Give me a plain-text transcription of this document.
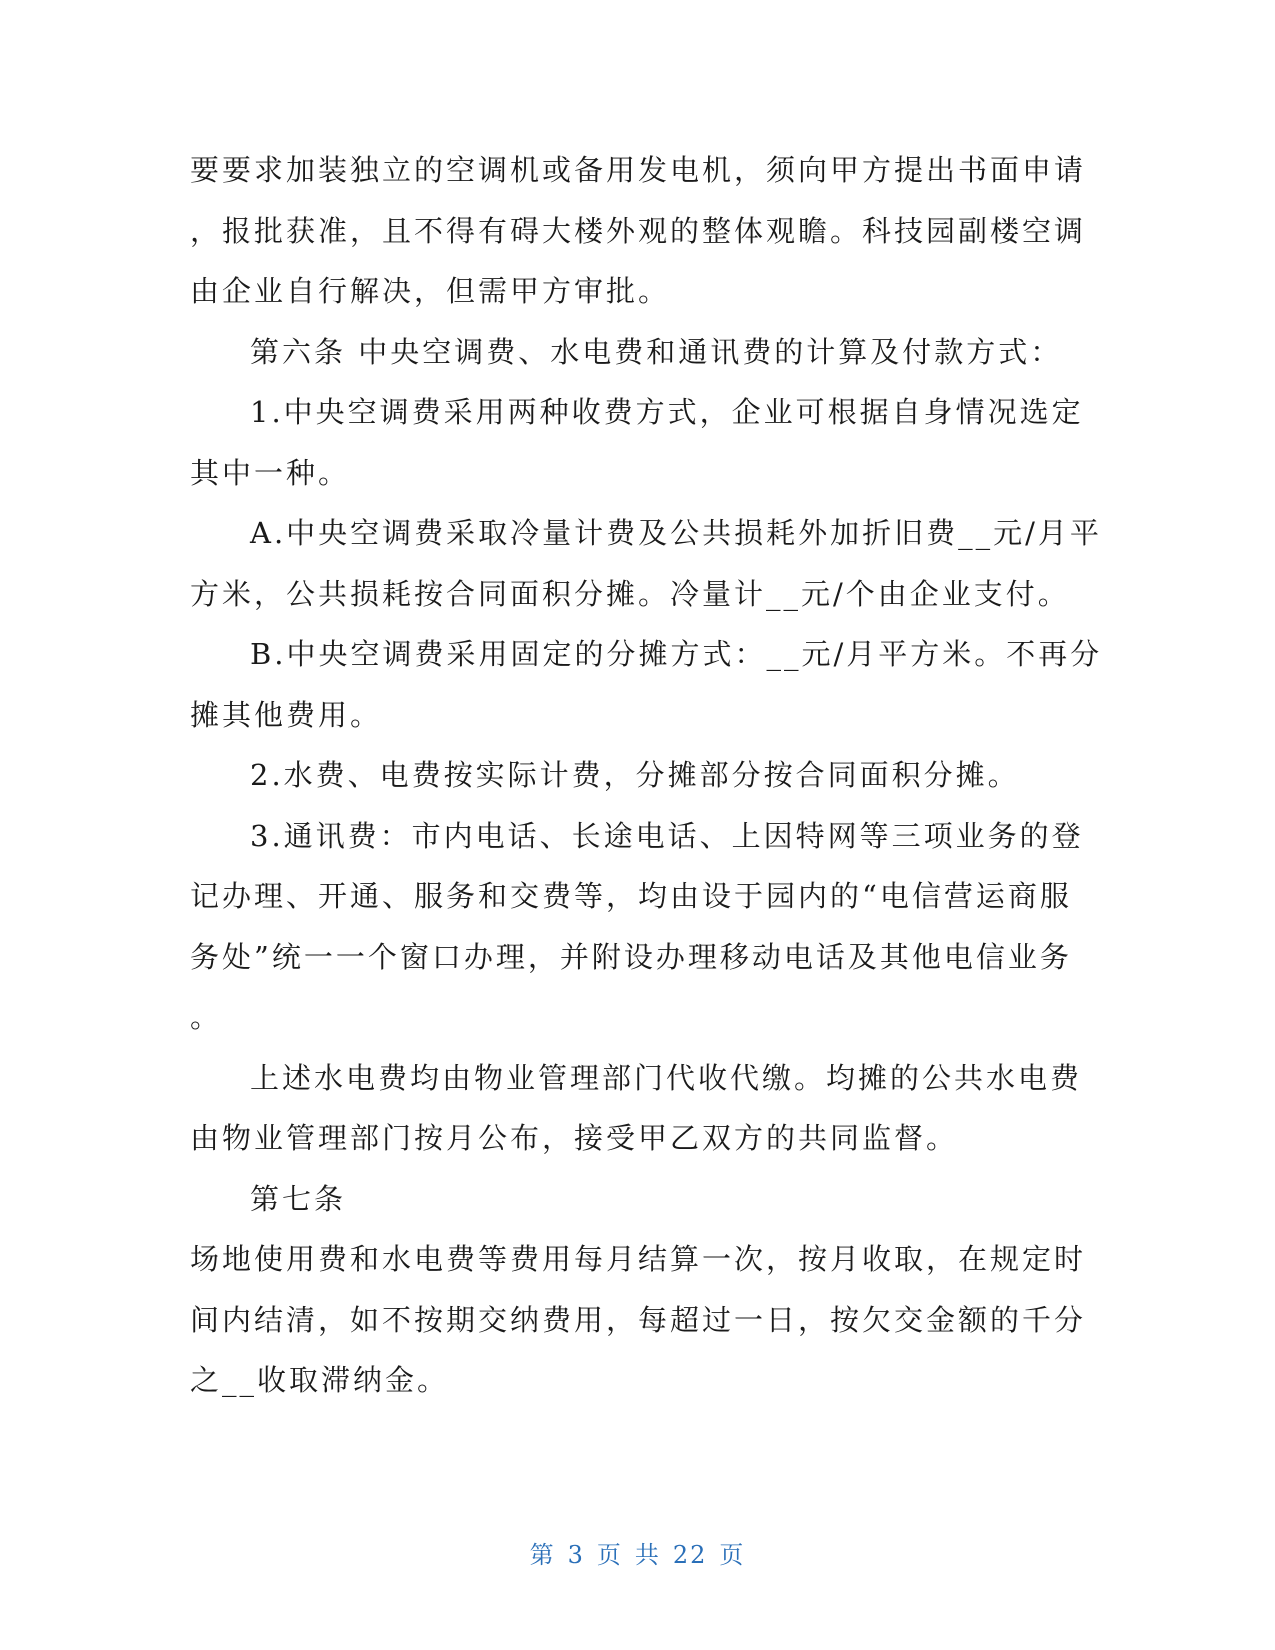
要要求加装独立的空调机或备用发电机，须向甲方提出书面申请
，报批获准，且不得有碍大楼外观的整体观瞻。科技园副楼空调
由企业自行解决，但需甲方审批。
第六条 中央空调费、水电费和通讯费的计算及付款方式：
1.中央空调费采用两种收费方式，企业可根据自身情况选定
其中一种。
A.中央空调费采取冷量计费及公共损耗外加折旧费__元/月平
方米，公共损耗按合同面积分摊。冷量计__元/个由企业支付。
B.中央空调费采用固定的分摊方式：__元/月平方米。不再分
摊其他费用。
2.水费、电费按实际计费，分摊部分按合同面积分摊。
3.通讯费：市内电话、长途电话、上因特网等三项业务的登
记办理、开通、服务和交费等，均由设于园内的“电信营运商服
务处”统一一个窗口办理，并附设办理移动电话及其他电信业务
。
上述水电费均由物业管理部门代收代缴。均摊的公共水电费
由物业管理部门按月公布，接受甲乙双方的共同监督。
第七条
场地使用费和水电费等费用每月结算一次，按月收取，在规定时
间内结清，如不按期交纳费用，每超过一日，按欠交金额的千分
之__收取滞纳金。
第 3 页 共 22 页
